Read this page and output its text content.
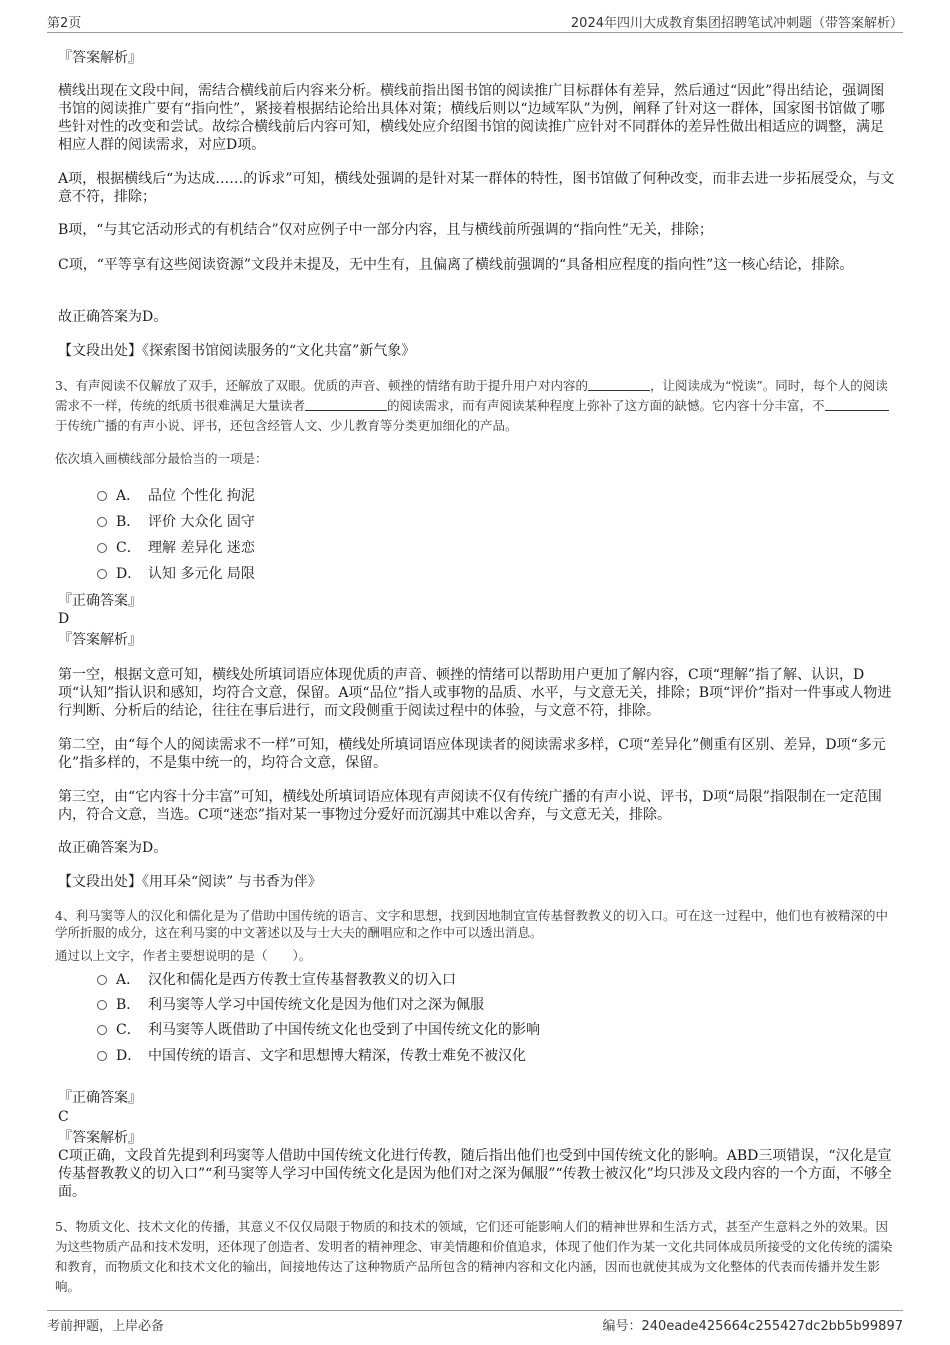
第2页	2024年四川大成教育集团招聘笔试冲刺题（带答案解析）
『答案解析』
横线出现在文段中间，需结合横线前后内容来分析。横线前指出图书馆的阅读推广目标群体有差异，然后通过“因此”得出结论，强调图书馆的阅读推广要有“指向性”，紧接着根据结论给出具体对策；横线后则以“边域军队”为例，阐释了针对这一群体，国家图书馆做了哪些针对性的改变和尝试。故综合横线前后内容可知，横线处应介绍图书馆的阅读推广应针对不同群体的差异性做出相适应的调整，满足相应人群的阅读需求，对应D项。
A项，根据横线后“为达成……的诉求”可知，横线处强调的是针对某一群体的特性，图书馆做了何种改变，而非去进一步拓展受众，与文意不符，排除；
B项，“与其它活动形式的有机结合”仅对应例子中一部分内容，且与横线前所强调的“指向性”无关，排除；
C项，“平等享有这些阅读资源”文段并未提及，无中生有，且偏离了横线前强调的“具备相应程度的指向性”这一核心结论，排除。
故正确答案为D。
【文段出处】《探索图书馆阅读服务的“文化共富”新气象》
3、有声阅读不仅解放了双手，还解放了双眼。优质的声音、顿挫的情绪有助于提升用户对内容的	，让阅读成为“悦读”。同时，每个人的阅读需求不一样，传统的纸质书很难满足大量读者	的阅读需求，而有声阅读某种程度上弥补了这方面的缺憾。它内容十分丰富，不于传统广播的有声小说、评书，还包含经管人文、少儿教育等分类更加细化的产品。
依次填入画横线部分最恰当的一项是：
A． 品位 个性化 拘泥
B． 评价 大众化 固守
C． 理解 差异化 迷恋
D． 认知 多元化 局限
『正确答案』
D
『答案解析』
第一空，根据文意可知，横线处所填词语应体现优质的声音、顿挫的情绪可以帮助用户更加了解内容，C项“理解”指了解、认识，D项“认知”指认识和感知，均符合文意，保留。A项“品位”指人或事物的品质、水平，与文意无关，排除；B项“评价”指对一件事或人物进行判断、分析后的结论，往往在事后进行，而文段侧重于阅读过程中的体验，与文意不符，排除。
第二空，由“每个人的阅读需求不一样”可知，横线处所填词语应体现读者的阅读需求多样，C项“差异化”侧重有区别、差异，D项“多元化”指多样的，不是集中统一的，均符合文意，保留。
第三空，由“它内容十分丰富”可知，横线处所填词语应体现有声阅读不仅有传统广播的有声小说、评书，D项“局限”指限制在一定范围内，符合文意，当选。C项“迷恋”指对某一事物过分爱好而沉溺其中难以舍弃，与文意无关，排除。
故正确答案为D。
【文段出处】《用耳朵“阅读” 与书香为伴》
4、利马窦等人的汉化和儒化是为了借助中国传统的语言、文字和思想，找到因地制宜宣传基督教教义的切入口。可在这一过程中，他们也有被精深的中学所折服的成分，这在利马窦的中文著述以及与士大夫的酬唱应和之作中可以透出消息。
通过以上文字，作者主要想说明的是（　　）。
A． 汉化和儒化是西方传教士宣传基督教教义的切入口
B． 利马窦等人学习中国传统文化是因为他们对之深为佩服
C． 利马窦等人既借助了中国传统文化也受到了中国传统文化的影响
D． 中国传统的语言、文字和思想博大精深，传教士难免不被汉化
『正确答案』
C
『答案解析』
C项正确，文段首先提到利玛窦等人借助中国传统文化进行传教，随后指出他们也受到中国传统文化的影响。ABD三项错误，“汉化是宣传基督教教义的切入口”“利马窦等人学习中国传统文化是因为他们对之深为佩服”“传教士被汉化”均只涉及文段内容的一个方面，不够全面。
5、物质文化、技术文化的传播，其意义不仅仅局限于物质的和技术的领域，它们还可能影响人们的精神世界和生活方式，甚至产生意料之外的效果。因为这些物质产品和技术发明，还体现了创造者、发明者的精神理念、审美情趣和价值追求，体现了他们作为某一文化共同体成员所接受的文化传统的濡染和教育，而物质文化和技术文化的输出，间接地传达了这种物质产品所包含的精神内容和文化内涵，因而也就使其成为文化整体的代表而传播并发生影响。
考前押题，上岸必备	编号：240eade425664c255427dc2bb5b99897
